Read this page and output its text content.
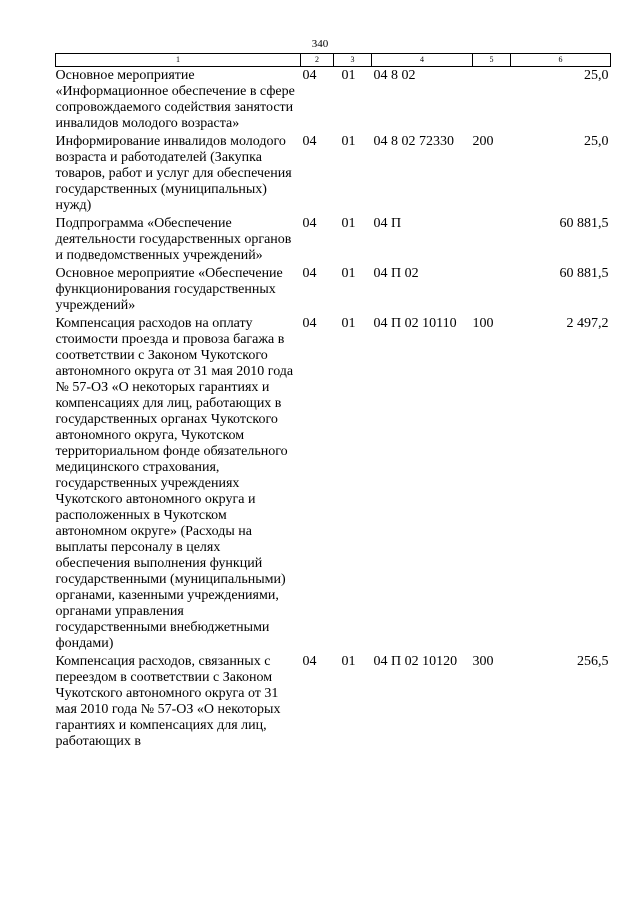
340
1	2	3	4	5	6
Основное мероприятие «Информационное обеспечение в сфере сопровождаемого содействия занятости инвалидов молодого возраста»	04	01	04 8 02		25,0
Информирование инвалидов молодого возраста и работодателей (Закупка товаров, работ и услуг для обеспечения государственных (муниципальных) нужд)	04	01	04 8 02 72330	200	25,0
Подпрограмма «Обеспечение деятельности государственных органов и подведомственных учреждений»	04	01	04 П		60 881,5
Основное мероприятие «Обеспечение функционирования государственных учреждений»	04	01	04 П 02		60 881,5
Компенсация расходов на оплату стоимости проезда и провоза багажа в соответствии с Законом Чукотского автономного округа от 31 мая 2010 года № 57-ОЗ «О некоторых гарантиях и компенсациях для лиц, работающих в государственных органах Чукотского автономного округа, Чукотском территориальном фонде обязательного медицинского страхования, государственных учреждениях Чукотского автономного округа и расположенных в Чукотском автономном округе» (Расходы на выплаты персоналу в целях обеспечения выполнения функций государственными (муниципальными) органами, казенными учреждениями, органами управления государственными внебюджетными фондами)	04	01	04 П 02 10110	100	2 497,2
Компенсация расходов, связанных с переездом в соответствии с Законом Чукотского автономного округа от 31 мая 2010 года № 57-ОЗ «О некоторых гарантиях и компенсациях для лиц, работающих в	04	01	04 П 02 10120	300	256,5
